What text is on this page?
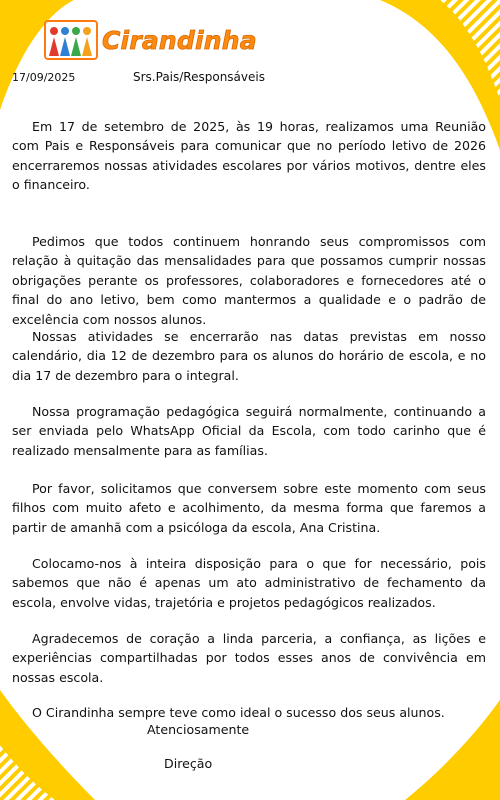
Cirandinha
17/09/2025	Srs.Pais/Responsáveis

Em 17 de setembro de 2025, às 19 horas, realizamos uma Reunião com Pais e Responsáveis para comunicar que no período letivo de 2026 encerraremos nossas atividades escolares por vários motivos, dentre eles o financeiro.

Pedimos que todos continuem honrando seus compromissos com relação à quitação das mensalidades para que possamos cumprir nossas obrigações perante os professores, colaboradores e fornecedores até o final do ano letivo, bem como mantermos a qualidade e o padrão de excelência com nossos alunos.

Nossas atividades se encerrarão nas datas previstas em nosso calendário, dia 12 de dezembro para os alunos do horário de escola, e no dia 17 de dezembro para o integral.

Nossa programação pedagógica seguirá normalmente, continuando a ser enviada pelo WhatsApp Oficial da Escola, com todo carinho que é realizado mensalmente para as famílias.

Por favor, solicitamos que conversem sobre este momento com seus filhos com muito afeto e acolhimento, da mesma forma que faremos a partir de amanhã com a psicóloga da escola, Ana Cristina.

Colocamo-nos à inteira disposição para o que for necessário, pois sabemos que não é apenas um ato administrativo de fechamento da escola, envolve vidas, trajetória e projetos pedagógicos realizados.

Agradecemos de coração a linda parceria, a confiança, as lições e experiências compartilhadas por todos esses anos de convivência em nossas escola.

O Cirandinha sempre teve como ideal o sucesso dos seus alunos.

Atenciosamente
Direção
